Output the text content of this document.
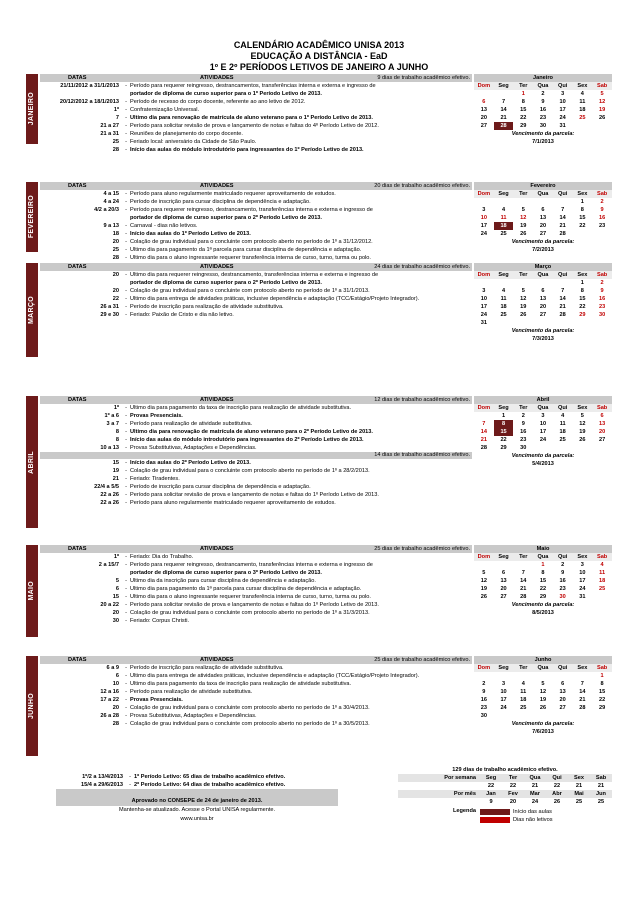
CALENDÁRIO ACADÊMICO UNISA 2013
EDUCAÇÃO A DISTÂNCIA - EaD
1º E 2º PERÍODOS LETIVOS DE JANEIRO A JUNHO
JANEIRO
DATAS	ATIVIDADES	9 dias de trabalho acadêmico efetivo.
21/11/2012 a 31/1/2013	- Período para requerer reingresso, destrancamentos, transferências interna e externa e ingresso de
portador de diploma de curso superior para o 1º Período Letivo de 2013.
20/12/2012 a 18/1/2013	- Período de recesso do corpo docente, referente ao ano letivo de 2012.
1º	- Confraternização Universal.
7	- Último dia para renovação de matrícula de aluno veterano para o 1º Período Letivo de 2013.
21 a 27	- Período para solicitar revisão de prova e lançamento de notas e faltas do 4º Período Letivo de 2012.
21 a 31	- Reuniões de planejamento do corpo docente.
25	- Feriado local: aniversário da Cidade de São Paulo.
28	- Início das aulas do módulo introdutório para ingressantes do 1º Período Letivo de 2013.
Janeiro
Dom	Seg	Ter	Qua	Qui	Sex	Sab
		1	2	3	4	5
6	7	8	9	10	11	12
13	14	15	16	17	18	19
20	21	22	23	24	25	26
27	28	29	30	31		
Vencimento da parcela:
7/1/2013
FEVEREIRO
DATAS	ATIVIDADES	20 dias de trabalho acadêmico efetivo.
4 a 15	- Período para aluno regularmente matriculado requerer aproveitamento de estudos.
4 a 24	- Período de inscrição para cursar disciplina de dependência e adaptação.
4/2 a 20/3	- Período para requerer reingresso, destrancamento, transferências interna e externa e ingresso de
portador de diploma de curso superior para o 2º Período Letivo de 2013.
9 a 13	- Carnaval - dias não letivos.
18	- Início das aulas do 1º Período Letivo de 2013.
20	- Colação de grau individual para o concluinte com protocolo aberto no período de 1º a 31/12/2012.
25	- Último dia para pagamento da 1ª parcela para cursar disciplina de dependência e adaptação.
28	- Último dia para o aluno ingressante requerer transferência interna de curso, turno, turma ou polo.
Fevereiro
Dom	Seg	Ter	Qua	Qui	Sex	Sab
					1	2
3	4	5	6	7	8	9
10	11	12	13	14	15	16
17	18	19	20	21	22	23
24	25	26	27	28		
Vencimento da parcela:
7/2/2013
MARÇO
DATAS	ATIVIDADES	24 dias de trabalho acadêmico efetivo.
20	- Último dia para requerer reingresso, destrancamento, transferências interna e externa e ingresso de
portador de diploma de curso superior para o 2º Período Letivo de 2013.
20	- Colação de grau individual para o concluinte com protocolo aberto no período de 1º a 31/1/2013.
22	- Último dia para entrega de atividades práticas, inclusive dependência e adaptação (TCC/Estágio/Projeto Integrador).
26 a 31	- Período de inscrição para realização de atividade substitutiva.
29 e 30	- Feriado: Paixão de Cristo e dia não letivo.
Março
Dom	Seg	Ter	Qua	Qui	Sex	Sab
					1	2
3	4	5	6	7	8	9
10	11	12	13	14	15	16
17	18	19	20	21	22	23
24	25	26	27	28	29	30
31						
Vencimento da parcela:
7/3/2013
ABRIL
DATAS	ATIVIDADES	12 dias de trabalho acadêmico efetivo.
1º	- Último dia para pagamento da taxa de inscrição para realização de atividade substitutiva.
1º a 6	- Provas Presenciais.
3 a 7	- Período para realização de atividade substitutiva.
8	- Último dia para renovação de matrícula de aluno veterano para o 2º Período Letivo de 2013.
8	- Início das aulas do módulo introdutório para ingressantes do 2º Período Letivo de 2013.
10 a 13	- Provas Substitutivas, Adaptações e Dependências.
14 dias de trabalho acadêmico efetivo.
15	- Início das aulas do 2º Período Letivo de 2013.
19	- Colação de grau individual para o concluinte com protocolo aberto no período de 1º a 28/2/2013.
21	- Feriado: Tiradentes.
22/4 a 5/5	- Período de inscrição para cursar disciplina de dependência e adaptação.
22 a 26	- Período para solicitar revisão de prova e lançamento de notas e faltas do 1º Período Letivo de 2013.
22 a 26	- Período para aluno regularmente matriculado requerer aproveitamento de estudos.
Abril
Dom	Seg	Ter	Qua	Qui	Sex	Sab
	1	2	3	4	5	6
7	8	9	10	11	12	13
14	15	16	17	18	19	20
21	22	23	24	25	26	27
28	29	30				
Vencimento da parcela:
5/4/2013
MAIO
DATAS	ATIVIDADES	25 dias de trabalho acadêmico efetivo.
1º	- Feriado: Dia do Trabalho.
2 a 15/7	- Período para requerer reingresso, destrancamento, transferências interna e externa e ingresso de
portador de diploma de curso superior para o 3º Período Letivo de 2013.
5	- Último dia da inscrição para cursar disciplina de dependência e adaptação.
6	- Último dia para pagamento da 1ª parcela para cursar disciplina de dependência e adaptação.
15	- Último dia para o aluno ingressante requerer transferência interna de curso, turno, turma ou polo.
20 a 22	- Período para solicitar revisão de prova e lançamento de notas e faltas do 1º Período Letivo de 2013.
20	- Colação de grau individual para o concluinte com protocolo aberto no período de 1º a 31/3/2013.
30	- Feriado: Corpus Christi.
Maio
Dom	Seg	Ter	Qua	Qui	Sex	Sab
			1	2	3	4
5	6	7	8	9	10	11
12	13	14	15	16	17	18
19	20	21	22	23	24	25
26	27	28	29	30	31	
Vencimento da parcela:
8/5/2013
JUNHO
DATAS	ATIVIDADES	25 dias de trabalho acadêmico efetivo.
6 a 9	- Período de inscrição para realização de atividade substitutiva.
6	- Último dia para entrega de atividades práticas, inclusive dependência e adaptação (TCC/Estágio/Projeto Integrador).
10	- Último dia para pagamento da taxa de inscrição para realização de atividade substitutiva.
12 a 16	- Período para realização de atividade substitutiva.
17 a 22	- Provas Presenciais.
20	- Colação de grau individual para o concluinte com protocolo aberto no período de 1º a 30/4/2013.
26 a 28	- Provas Substitutivas, Adaptações e Dependências.
28	- Colação de grau individual para o concluinte com protocolo aberto no período de 1º a 30/5/2013.
Junho
Dom	Seg	Ter	Qua	Qui	Sex	Sab
						1
2	3	4	5	6	7	8
9	10	11	12	13	14	15
16	17	18	19	20	21	22
23	24	25	26	27	28	29
30						
Vencimento da parcela:
7/6/2013
1º/2 a 13/4/2013	- 1º Período Letivo: 65 dias de trabalho acadêmico efetivo.
15/4 a 29/6/2013	- 2º Período Letivo: 64 dias de trabalho acadêmico efetivo.
Aprovado no CONSEPE de 24 de janeiro de 2013.
Mantenha-se atualizado. Acesse o Portal UNISA regularmente.
www.unisa.br
129 dias de trabalho acadêmico efetivo.
Por semana	Seg	Ter	Qua	Qui	Sex	Sab
	22	22	21	22	21	21
Por mês	Jan	Fev	Mar	Abr	Mai	Jun
	9	20	24	26	25	25
Legenda	Início das aulas
Dias não letivos
